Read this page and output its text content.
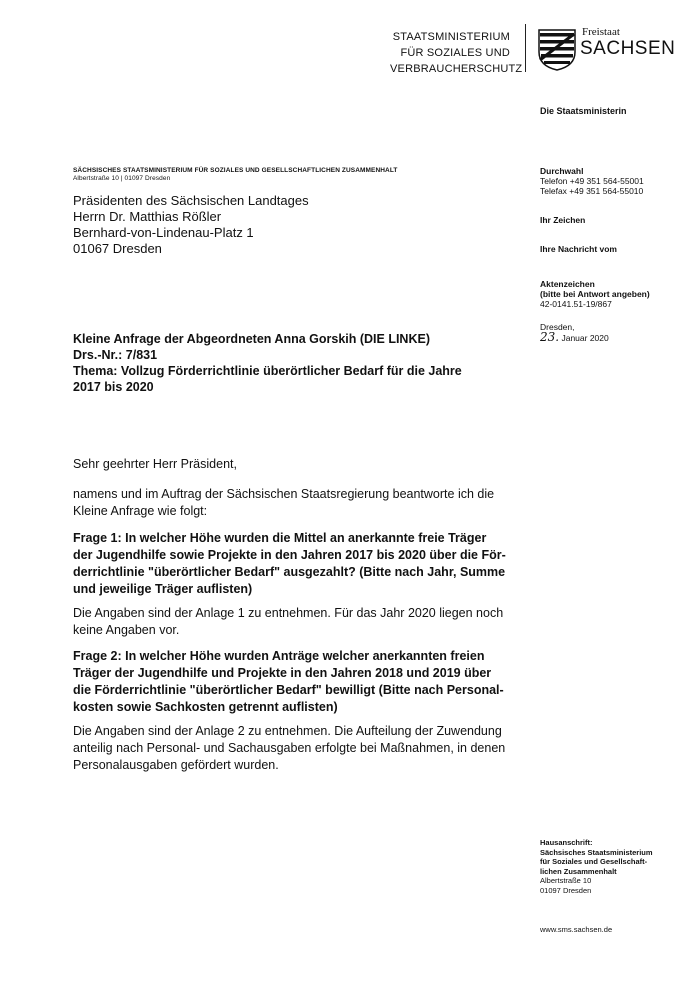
STAATSMINISTERIUM
FÜR SOZIALES UND
VERBRAUCHERSCHUTZ
Freistaat
SACHSEN
Die Staatsministerin
Durchwahl
Telefon +49 351 564-55001
Telefax +49 351 564-55010
Ihr Zeichen
Ihre Nachricht vom
Aktenzeichen
(bitte bei Antwort angeben)
42-0141.51-19/867
Dresden,
23. Januar 2020
SÄCHSISCHES STAATSMINISTERIUM FÜR SOZIALES UND GESELLSCHAFTLICHEN ZUSAMMENHALT
Albertstraße 10 | 01097 Dresden
Präsidenten des Sächsischen Landtages
Herrn Dr. Matthias Rößler
Bernhard-von-Lindenau-Platz 1
01067 Dresden
Kleine Anfrage der Abgeordneten Anna Gorskih (DIE LINKE)
Drs.-Nr.: 7/831
Thema: Vollzug Förderrichtlinie überörtlicher Bedarf für die Jahre
2017 bis 2020
Sehr geehrter Herr Präsident,
namens und im Auftrag der Sächsischen Staatsregierung beantworte ich die
Kleine Anfrage wie folgt:
Frage 1: In welcher Höhe wurden die Mittel an anerkannte freie Träger
der Jugendhilfe sowie Projekte in den Jahren 2017 bis 2020 über die För-
derrichtlinie "überörtlicher Bedarf" ausgezahlt? (Bitte nach Jahr, Summe
und jeweilige Träger auflisten)
Die Angaben sind der Anlage 1 zu entnehmen. Für das Jahr 2020 liegen noch
keine Angaben vor.
Frage 2: In welcher Höhe wurden Anträge welcher anerkannten freien
Träger der Jugendhilfe und Projekte in den Jahren 2018 und 2019 über
die Förderrichtlinie "überörtlicher Bedarf" bewilligt (Bitte nach Personal-
kosten sowie Sachkosten getrennt auflisten)
Die Angaben sind der Anlage 2 zu entnehmen. Die Aufteilung der Zuwendung
anteilig nach Personal- und Sachausgaben erfolgte bei Maßnahmen, in denen
Personalausgaben gefördert wurden.
Hausanschrift:
Sächsisches Staatsministerium
für Soziales und Gesellschaft-
lichen Zusammenhalt
Albertstraße 10
01097 Dresden
www.sms.sachsen.de
